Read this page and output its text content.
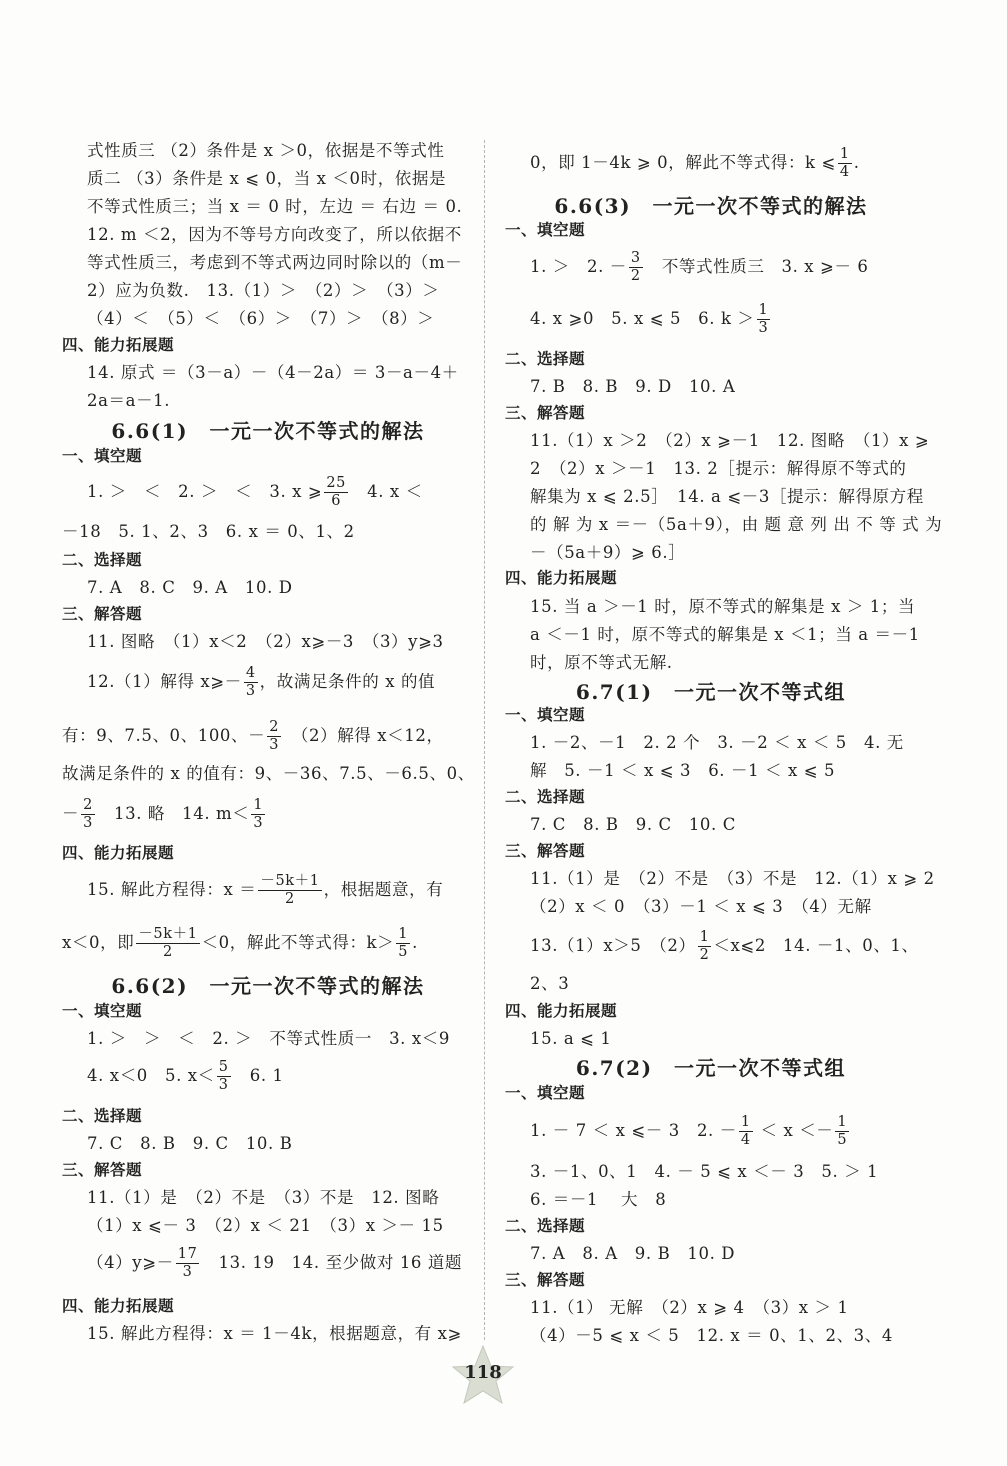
式性质三 （2）条件是 x ＞0，依据是不等式性
质二 （3）条件是 x ⩽ 0，当 x ＜0时，依据是
不等式性质三；当 x ＝ 0 时，左边 ＝ 右边 ＝ 0.
12. m ＜2，因为不等号方向改变了，所以依据不
等式性质三，考虑到不等式两边同时除以的（m－
2）应为负数.　13.（1）＞　（2）＞　（3）＞
（4）＜　（5）＜　（6）＞　（7）＞　（8）＞
四、能力拓展题
14. 原式 ＝（3－a）－（4－2a）＝ 3－a－4＋
2a＝a－1.
6.6(1)　一元一次不等式的解法
一、填空题
1. ＞　＜　2. ＞　＜　3. x ⩾ $\frac{25}{6}$ 　4. x ＜
－18　5. 1、2、3　6. x ＝ 0、1、2
二、选择题
7. A　8. C　9. A　10. D
三、解答题
11. 图略　（1）x＜2　（2）x⩾－3　（3）y⩾3
12.（1）解得 x⩾－ $\frac{4}{3}$ ，故满足条件的 x 的值
有：9、7.5、0、100、－ $\frac{2}{3}$ 　（2）解得 x＜12，
故满足条件的 x 的值有：9、－36、7.5、－6.5、0、
－ $\frac{2}{3}$ 　13. 略　14. $m< \frac{1}{3}$
四、能力拓展题
15. 解此方程得：$x = \frac{-5k+1}{2}$ ，根据题意，有
x＜0，即 $\frac{-5k+1}{2} <0$，解此不等式得：$k> \frac{1}{5}$ .
6.6(2)　一元一次不等式的解法
一、填空题
1. ＞　＞　＜　2. ＞　不等式性质一　3. x＜9
4. x＜0　5. $x< \frac{5}{3}$ 　6. 1
二、选择题
7. C　8. B　9. C　10. B
三、解答题
11.（1）是　（2）不是　（3）不是　12. 图略
（1）x ⩽－ 3　（2）x ＜ 21　（3）x ＞－ 15
（4）y⩾－ $\frac{17}{3}$ 　13. 19　14. 至少做对 16 道题
四、能力拓展题
15. 解此方程得：x ＝ 1－4k，根据题意，有 x⩾
0，即 1－4k ⩾ 0，解此不等式得：k ⩽ $\frac{1}{4}$ .
6.6(3)　一元一次不等式的解法
一、填空题
1. ＞　2. － $\frac{3}{2}$ 　不等式性质三　3. x ⩾－ 6
4. x ⩾0　5. x ⩽ 5　6. $k > \frac{1}{3}$
二、选择题
7. B　8. B　9. D　10. A
三、解答题
11.（1）x ＞2　（2）x ⩾－1　12. 图略　（1）x ⩾
2　（2）x ＞－1　13. 2［提示：解得原不等式的
解集为 x ⩽ 2.5］　14. a ⩽－3［提示：解得原方程
的 解 为 x ＝－（5a＋9），由 题 意 列 出 不 等 式 为
－（5a＋9）⩾ 6.］
四、能力拓展题
15. 当 a ＞－1 时，原不等式的解集是 x ＞ 1；当
a ＜－1 时，原不等式的解集是 x ＜1；当 a ＝－1
时，原不等式无解.
6.7(1)　一元一次不等式组
一、填空题
1. －2、－1　2. 2 个　3. －2 ＜ x ＜ 5　4. 无
解　5. －1 ＜ x ⩽ 3　6. －1 ＜ x ⩽ 5
二、选择题
7. C　8. B　9. C　10. C
三、解答题
11.（1）是　（2）不是　（3）不是　12.（1）x ⩾ 2
（2）x ＜ 0　（3）－1 ＜ x ⩽ 3　（4）无解
13.（1）x＞5　$(2) \frac{1}{2}$ ＜x⩽2　14. －1、0、1、
2、3
四、能力拓展题
15. a ⩽ 1
6.7(2)　一元一次不等式组
一、填空题
1. － 7 ＜ x ⩽－ 3　2. － $\frac{1}{4} < x <- \frac{1}{5}$
3. －1、0、1　4. － 5 ⩽ x ＜－ 3　5. ＞ 1
6. ＝－1　 大　8
二、选择题
7. A　8. A　9. B　10. D
三、解答题
11.（1） 无解　（2）x ⩾ 4　（3）x ＞ 1
（4）－5 ⩽ x ＜ 5　12. x ＝ 0、1、2、3、4
118
